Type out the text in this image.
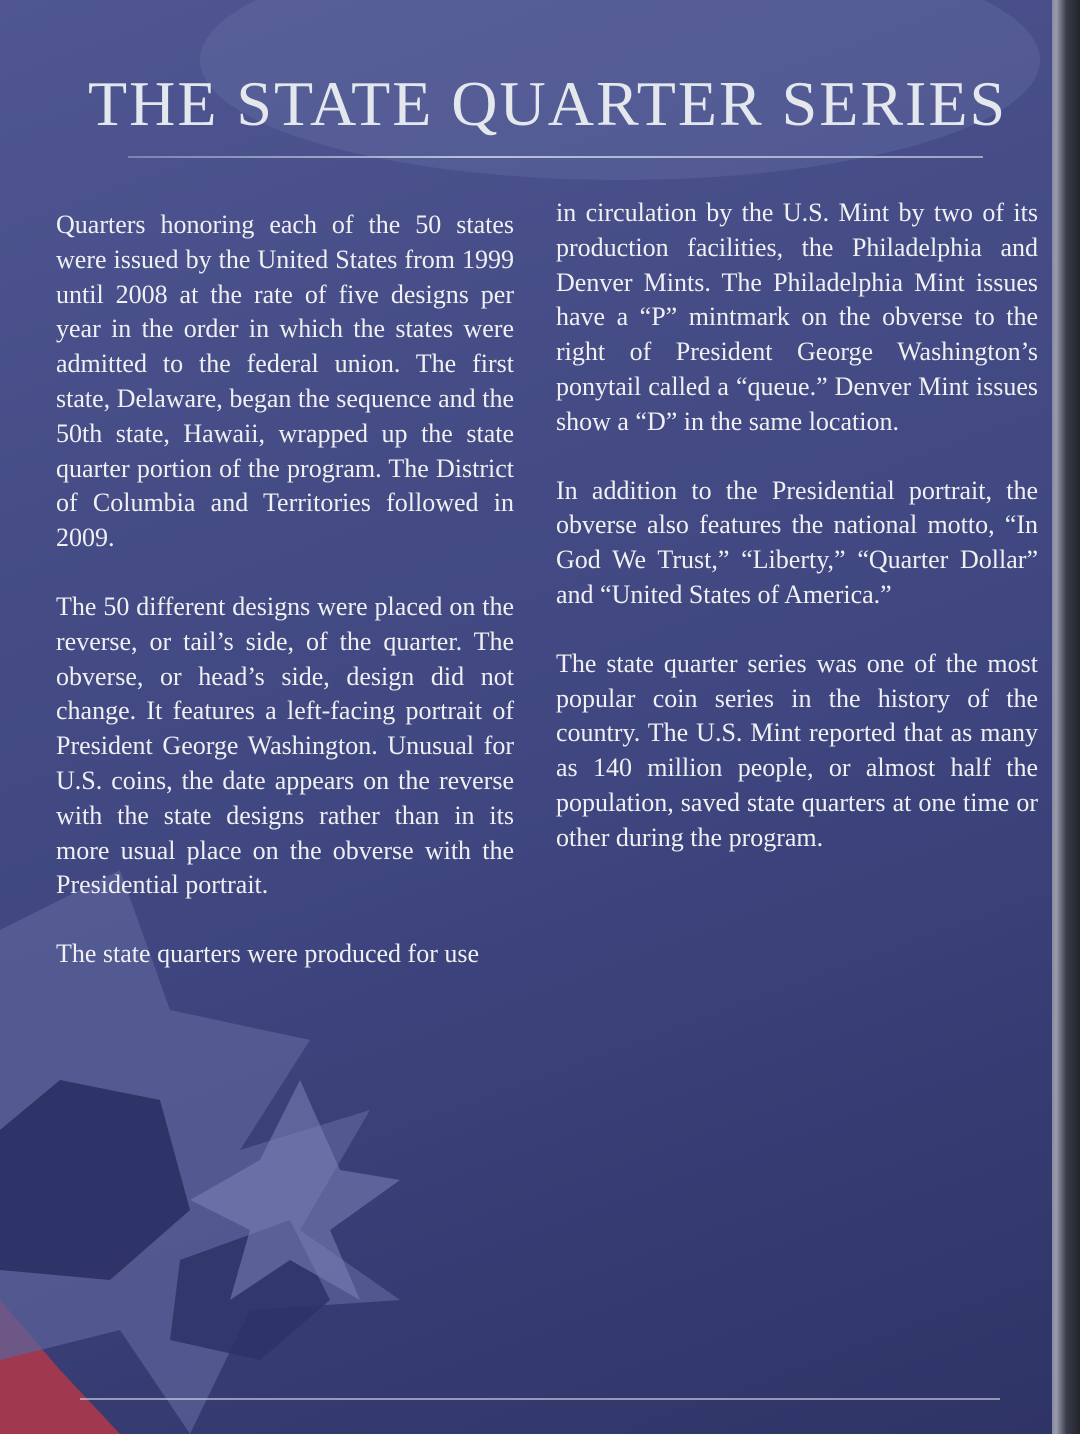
THE STATE QUARTER SERIES

Quarters honoring each of the 50 states were issued by the United States from 1999 until 2008 at the rate of five designs per year in the order in which the states were admitted to the federal union. The first state, Delaware, began the sequence and the 50th state, Hawaii, wrapped up the state quarter portion of the program. The District of Columbia and Territories followed in 2009.

The 50 different designs were placed on the reverse, or tail’s side, of the quarter. The obverse, or head’s side, design did not change. It features a left-facing portrait of President George Washington. Unusual for U.S. coins, the date appears on the reverse with the state designs rather than in its more usual place on the obverse with the Presidential portrait.

The state quarters were produced for use

in circulation by the U.S. Mint by two of its production facilities, the Philadelphia and Denver Mints. The Philadelphia Mint issues have a “P” mintmark on the obverse to the right of President George Washington’s ponytail called a “queue.” Denver Mint issues show a “D” in the same location.

In addition to the Presidential portrait, the obverse also features the national motto, “In God We Trust,” “Liberty,” “Quarter Dollar” and “United States of America.”

The state quarter series was one of the most popular coin series in the history of the country. The U.S. Mint reported that as many as 140 million people, or almost half the population, saved state quarters at one time or other during the program.
